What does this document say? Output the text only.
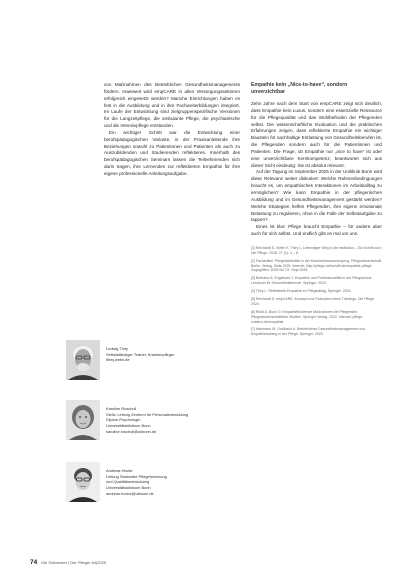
von Maßnahmen des Betrieblichen Gesundheitsmanagements fördern. Inwieweit wird empCARE in allen Versorgungssektoren erfolgreich eingesetzt werden? Manche Einrichtungen haben es fest in die Ausbildung und in ihre Fachweiterbildungen integriert. Im Laufe der Entwicklung sind zielgruppenspezifische Versionen für die Langzeitpflege, die ambulante Pflege, die psychiatrische und die Intensivpflege entstanden.

Ein wichtiger Schritt war die Entwicklung einer berufspädagogischen Variante, in der Praxisanleitende ihre Beziehungen sowohl zu Patientinnen und Patienten als auch zu Auszubildenden und Studierenden reflektieren. Innerhalb des berufspädagogischen Seminars lassen die Teilnehmenden sich darin tragen, ihre Lernenden zur reflektierten Empathie für ihre eigene professionelle Anleitungsaufgabe.

Empathie kein „Nice-to-have“, sondern unverzichtbar

Zehn Jahre nach dem Start von empCARE zeigt sich deutlich, dass Empathie kein Luxus, sondern eine essenzielle Ressource für die Pflegequalität und das Wohlbefinden der Pflegenden selbst. Die wissenschaftliche Evaluation und die praktischen Erfahrungen zeigen, dass reflektierte Empathie ein wichtiger Baustein für nachhaltige Entlastung von Gesundheitsberufen ist, die Pflegenden sondern auch für die Patientinnen und Patienten. Die Frage, ob Empathie nur „nice to have“ ist oder eine unverzichtbare Kernkompetenz, beantwortet sich aus dieser Sicht eindeutig: Sie ist absolut relevant.

Auf der Tagung im September 2025 in der Uniklinik Bonn wird diese Relevanz weiter diskutiert: Welche Rahmenbedingungen braucht es, um empathisches Interaktionen im Arbeitsalltag zu ermöglichen? Wie kann Empathie in der pflegerischen Ausbildung und im Gesundheitsmanagement gestärkt werden? Welche Strategien helfen Pflegenden, ihre eigene emotionale Belastung zu regulieren, ohne in die Falle der Selbstaufgabe zu tappen?

Eines ist klar: Pflege braucht Empathie – für andere aber auch für sich selbst. Und endlich gibt es mal um uns.

[1] Reichardt S, Kiefer K, Thiry L: Lebendiger Weg in die Institution – Ein Schritt auf | Die Pflege. 2018. 27 (1). 4 – 8.

[2] Fachartikel: Pflegefachkräfte in der Krankenhausversorgung. Pflegewissenschaft. Berlin, Verlag. Seite 2025. Internet: http://pflege-zeitschrift.de/empathie-pflege. Zugegriffen: 2025 Bd 7/2. Sept 2025.

[3] Bertrand A, Engelhard J. Empathie und Professionalität in der Pflegepraxis. Lehrbuch für Gesundheitsberufe. Springer. 2023.

[4] Thiry L. Reflektierte Empathie im Pflegealltag. Springer. 2024.

[5] Reichardt S. empCARE: Konzept und Evaluation eines Trainings. Die Pflege 2020.

[6] Riedl A, Buch O. Empathiefördernde Maßnahmen bei Pflegenden. Pflegewissenschaftliche Studien. Springer Verlag. 2022. Internet: pflege-evidenz.de/empathie.

[7] Hartmann M, Goldbach A. Betriebliches Gesundheitsmanagement und Empathietraining in der Pflege. Springer. 2023.

Ludwig Thiry
Selbstständiger Trainer, Krankenpfleger
lthiry.webs.de
Karoline Roschull
Stellv. Leitung Zentrum für Personalentwicklung
Diplom-Psychologin
Universitätsklinikum Bonn
karoline.roschull@ukbonn.de
Andreas Hocke
Leitung Stationäre Pflegeforschung
und Qualitätsentwicklung
Universitätsklinikum Bonn
andreas.hocke@ukbonn.de
74 Die Schwester | Der Pfleger 64|2025
